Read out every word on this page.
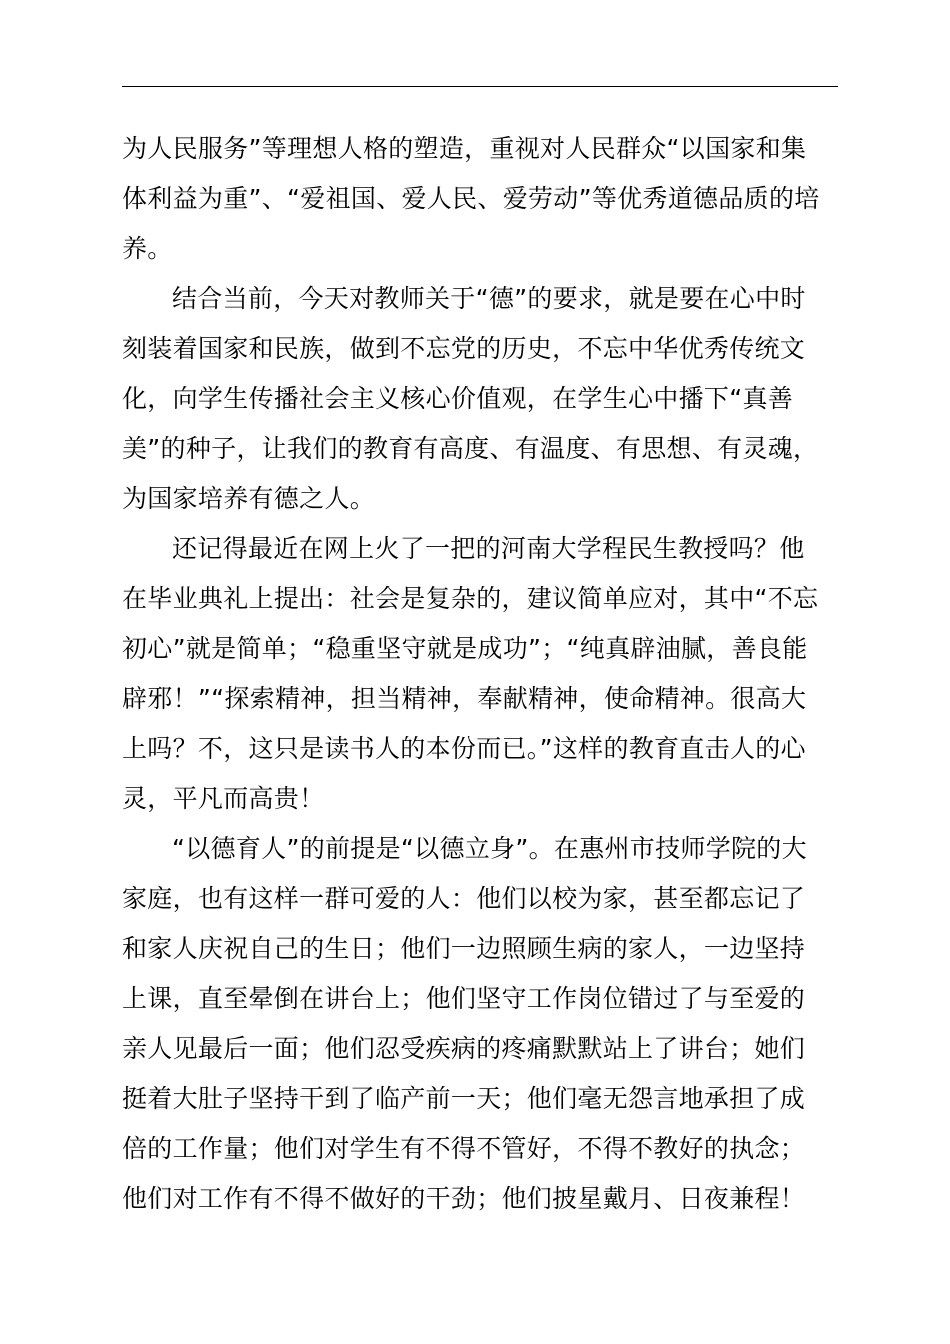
为人民服务”等理想人格的塑造，重视对人民群众“以国家和集
体利益为重”、“爱祖国、爱人民、爱劳动”等优秀道德品质的培
养。
结合当前，今天对教师关于“德”的要求，就是要在心中时
刻装着国家和民族，做到不忘党的历史，不忘中华优秀传统文
化，向学生传播社会主义核心价值观，在学生心中播下“真善
美”的种子，让我们的教育有高度、有温度、有思想、有灵魂，
为国家培养有德之人。
还记得最近在网上火了一把的河南大学程民生教授吗？他
在毕业典礼上提出：社会是复杂的，建议简单应对，其中“不忘
初心”就是简单；“稳重坚守就是成功”；“纯真辟油腻，善良能
辟邪！”“探索精神，担当精神，奉献精神，使命精神。很高大
上吗？不，这只是读书人的本份而已。”这样的教育直击人的心
灵，平凡而高贵！
“以德育人”的前提是“以德立身”。在惠州市技师学院的大
家庭，也有这样一群可爱的人：他们以校为家，甚至都忘记了
和家人庆祝自己的生日；他们一边照顾生病的家人，一边坚持
上课，直至晕倒在讲台上；他们坚守工作岗位错过了与至爱的
亲人见最后一面；他们忍受疾病的疼痛默默站上了讲台；她们
挺着大肚子坚持干到了临产前一天；他们毫无怨言地承担了成
倍的工作量；他们对学生有不得不管好，不得不教好的执念；
他们对工作有不得不做好的干劲；他们披星戴月、日夜兼程！
